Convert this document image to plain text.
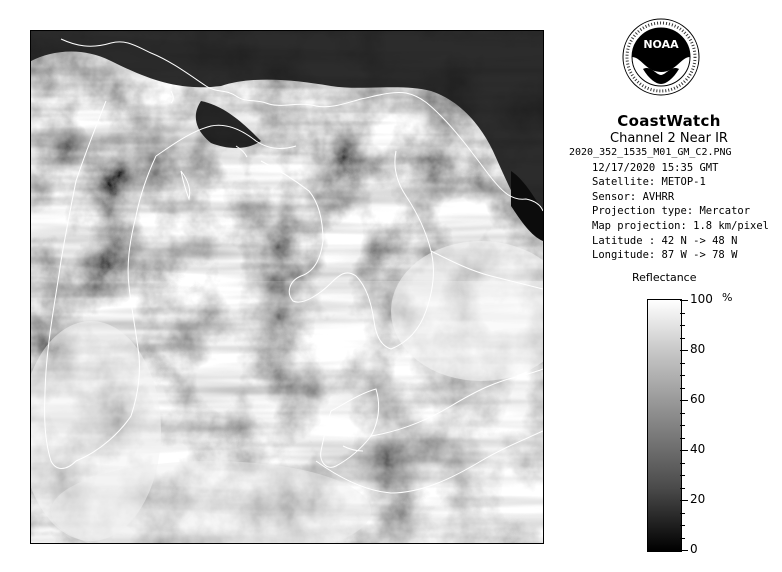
NOAA
CoastWatch
Channel 2 Near IR
2020_352_1535_M01_GM_C2.PNG
12/17/2020 15:35 GMT
Satellite: METOP-1
Sensor: AVHRR
Projection type: Mercator
Map projection: 1.8 km/pixel
Latitude : 42 N -> 48 N
Longitude: 87 W -> 78 W
Reflectance
%
100
80
60
40
20
0
